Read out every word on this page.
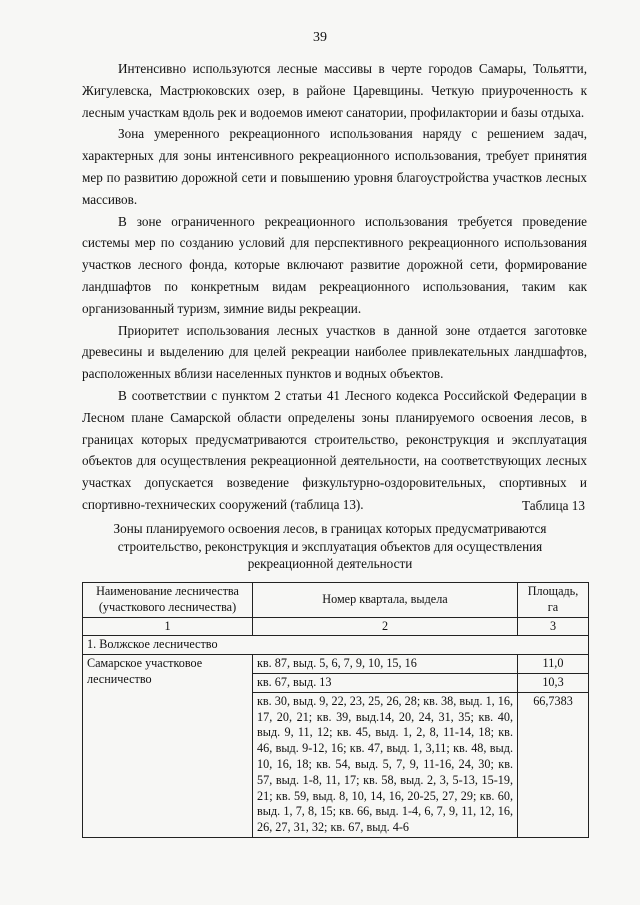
39

Интенсивно используются лесные массивы в черте городов Самары, Тольятти, Жигулевска, Мастрюковских озер, в районе Царевщины. Четкую приуроченность к лесным участкам вдоль рек и водоемов имеют санатории, профилактории и базы отдыха.

Зона умеренного рекреационного использования наряду с решением задач, характерных для зоны интенсивного рекреационного использования, требует принятия мер по развитию дорожной сети и повышению уровня благоустройства участков лесных массивов.

В зоне ограниченного рекреационного использования требуется проведение системы мер по созданию условий для перспективного рекреационного использования участков лесного фонда, которые включают развитие дорожной сети, формирование ландшафтов по конкретным видам рекреационного использования, таким как организованный туризм, зимние виды рекреации.

Приоритет использования лесных участков в данной зоне отдается заготовке древесины и выделению для целей рекреации наиболее привлекательных ландшафтов, расположенных вблизи населенных пунктов и водных объектов.

В соответствии с пунктом 2 статьи 41 Лесного кодекса Российской Федерации в Лесном плане Самарской области определены зоны планируемого освоения лесов, в границах которых предусматриваются строительство, реконструкция и эксплуатация объектов для осуществления рекреационной деятельности, на соответствующих лесных участках допускается возведение физкультурно-оздоровительных, спортивных и спортивно-технических сооружений (таблица 13).	Таблица 13
Зоны планируемого освоения лесов, в границах которых предусматриваются строительство, реконструкция и эксплуатация объектов для осуществления рекреационной деятельности
Наименование лесничества (участкового лесничества)	Номер квартала, выдела	Площадь, га
1	2	3
1. Волжское лесничество		
Самарское участковое лесничество	кв. 87, выд. 5, 6, 7, 9, 10, 15, 16	11,0
	кв. 67, выд. 13	10,3
	кв. 30, выд. 9, 22, 23, 25, 26, 28; кв. 38, выд. 1, 16, 17, 20, 21; кв. 39, выд.14, 20, 24, 31, 35; кв. 40, выд. 9, 11, 12; кв. 45, выд. 1, 2, 8, 11-14, 18; кв. 46, выд. 9-12, 16; кв. 47, выд. 1, 3,11; кв. 48, выд. 10, 16, 18; кв. 54, выд. 5, 7, 9, 11-16, 24, 30; кв. 57, выд. 1-8, 11, 17; кв. 58, выд. 2, 3, 5-13, 15-19, 21; кв. 59, выд. 8, 10, 14, 16, 20-25, 27, 29; кв. 60, выд. 1, 7, 8, 15; кв. 66, выд. 1-4, 6, 7, 9, 11, 12, 16, 26, 27, 31, 32; кв. 67, выд. 4-6	66,7383
